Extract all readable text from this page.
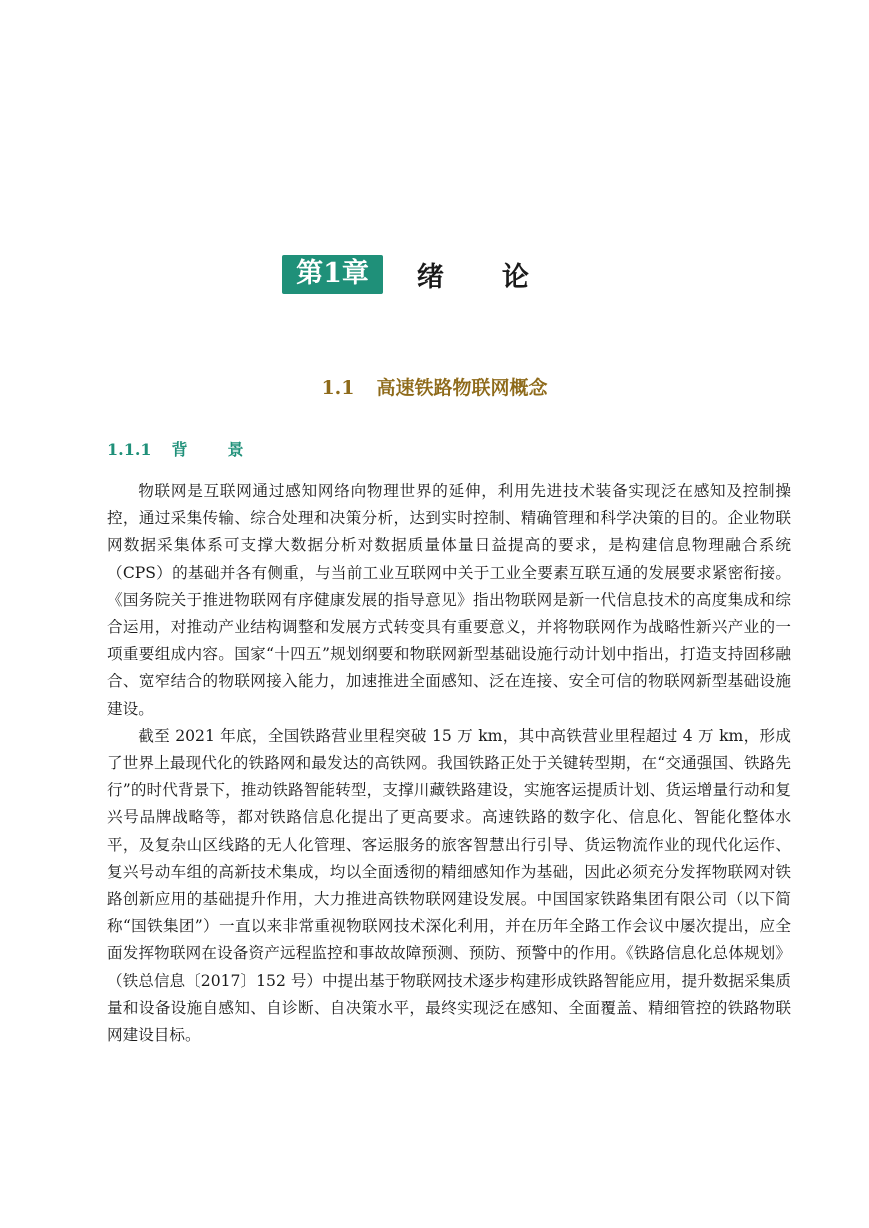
第1章	绪论
1.1 高速铁路物联网概念
1.1.1 背景

物联网是互联网通过感知网络向物理世界的延伸，利用先进技术装备实现泛在感知及控制操控，通过采集传输、综合处理和决策分析，达到实时控制、精确管理和科学决策的目的。企业物联网数据采集体系可支撑大数据分析对数据质量体量日益提高的要求，是构建信息物理融合系统（CPS）的基础并各有侧重，与当前工业互联网中关于工业全要素互联互通的发展要求紧密衔接。《国务院关于推进物联网有序健康发展的指导意见》指出物联网是新一代信息技术的高度集成和综合运用，对推动产业结构调整和发展方式转变具有重要意义，并将物联网作为战略性新兴产业的一项重要组成内容。国家“十四五”规划纲要和物联网新型基础设施行动计划中指出，打造支持固移融合、宽窄结合的物联网接入能力，加速推进全面感知、泛在连接、安全可信的物联网新型基础设施建设。

截至 2021 年底，全国铁路营业里程突破 15 万 km，其中高铁营业里程超过 4 万 km，形成了世界上最现代化的铁路网和最发达的高铁网。我国铁路正处于关键转型期，在“交通强国、铁路先行”的时代背景下，推动铁路智能转型，支撑川藏铁路建设，实施客运提质计划、货运增量行动和复兴号品牌战略等，都对铁路信息化提出了更高要求。高速铁路的数字化、信息化、智能化整体水平，及复杂山区线路的无人化管理、客运服务的旅客智慧出行引导、货运物流作业的现代化运作、复兴号动车组的高新技术集成，均以全面透彻的精细感知作为基础，因此必须充分发挥物联网对铁路创新应用的基础提升作用，大力推进高铁物联网建设发展。中国国家铁路集团有限公司（以下简称“国铁集团”）一直以来非常重视物联网技术深化利用，并在历年全路工作会议中屡次提出，应全面发挥物联网在设备资产远程监控和事故故障预测、预防、预警中的作用。《铁路信息化总体规划》（铁总信息〔2017〕152 号）中提出基于物联网技术逐步构建形成铁路智能应用，提升数据采集质量和设备设施自感知、自诊断、自决策水平，最终实现泛在感知、全面覆盖、精细管控的铁路物联网建设目标。
